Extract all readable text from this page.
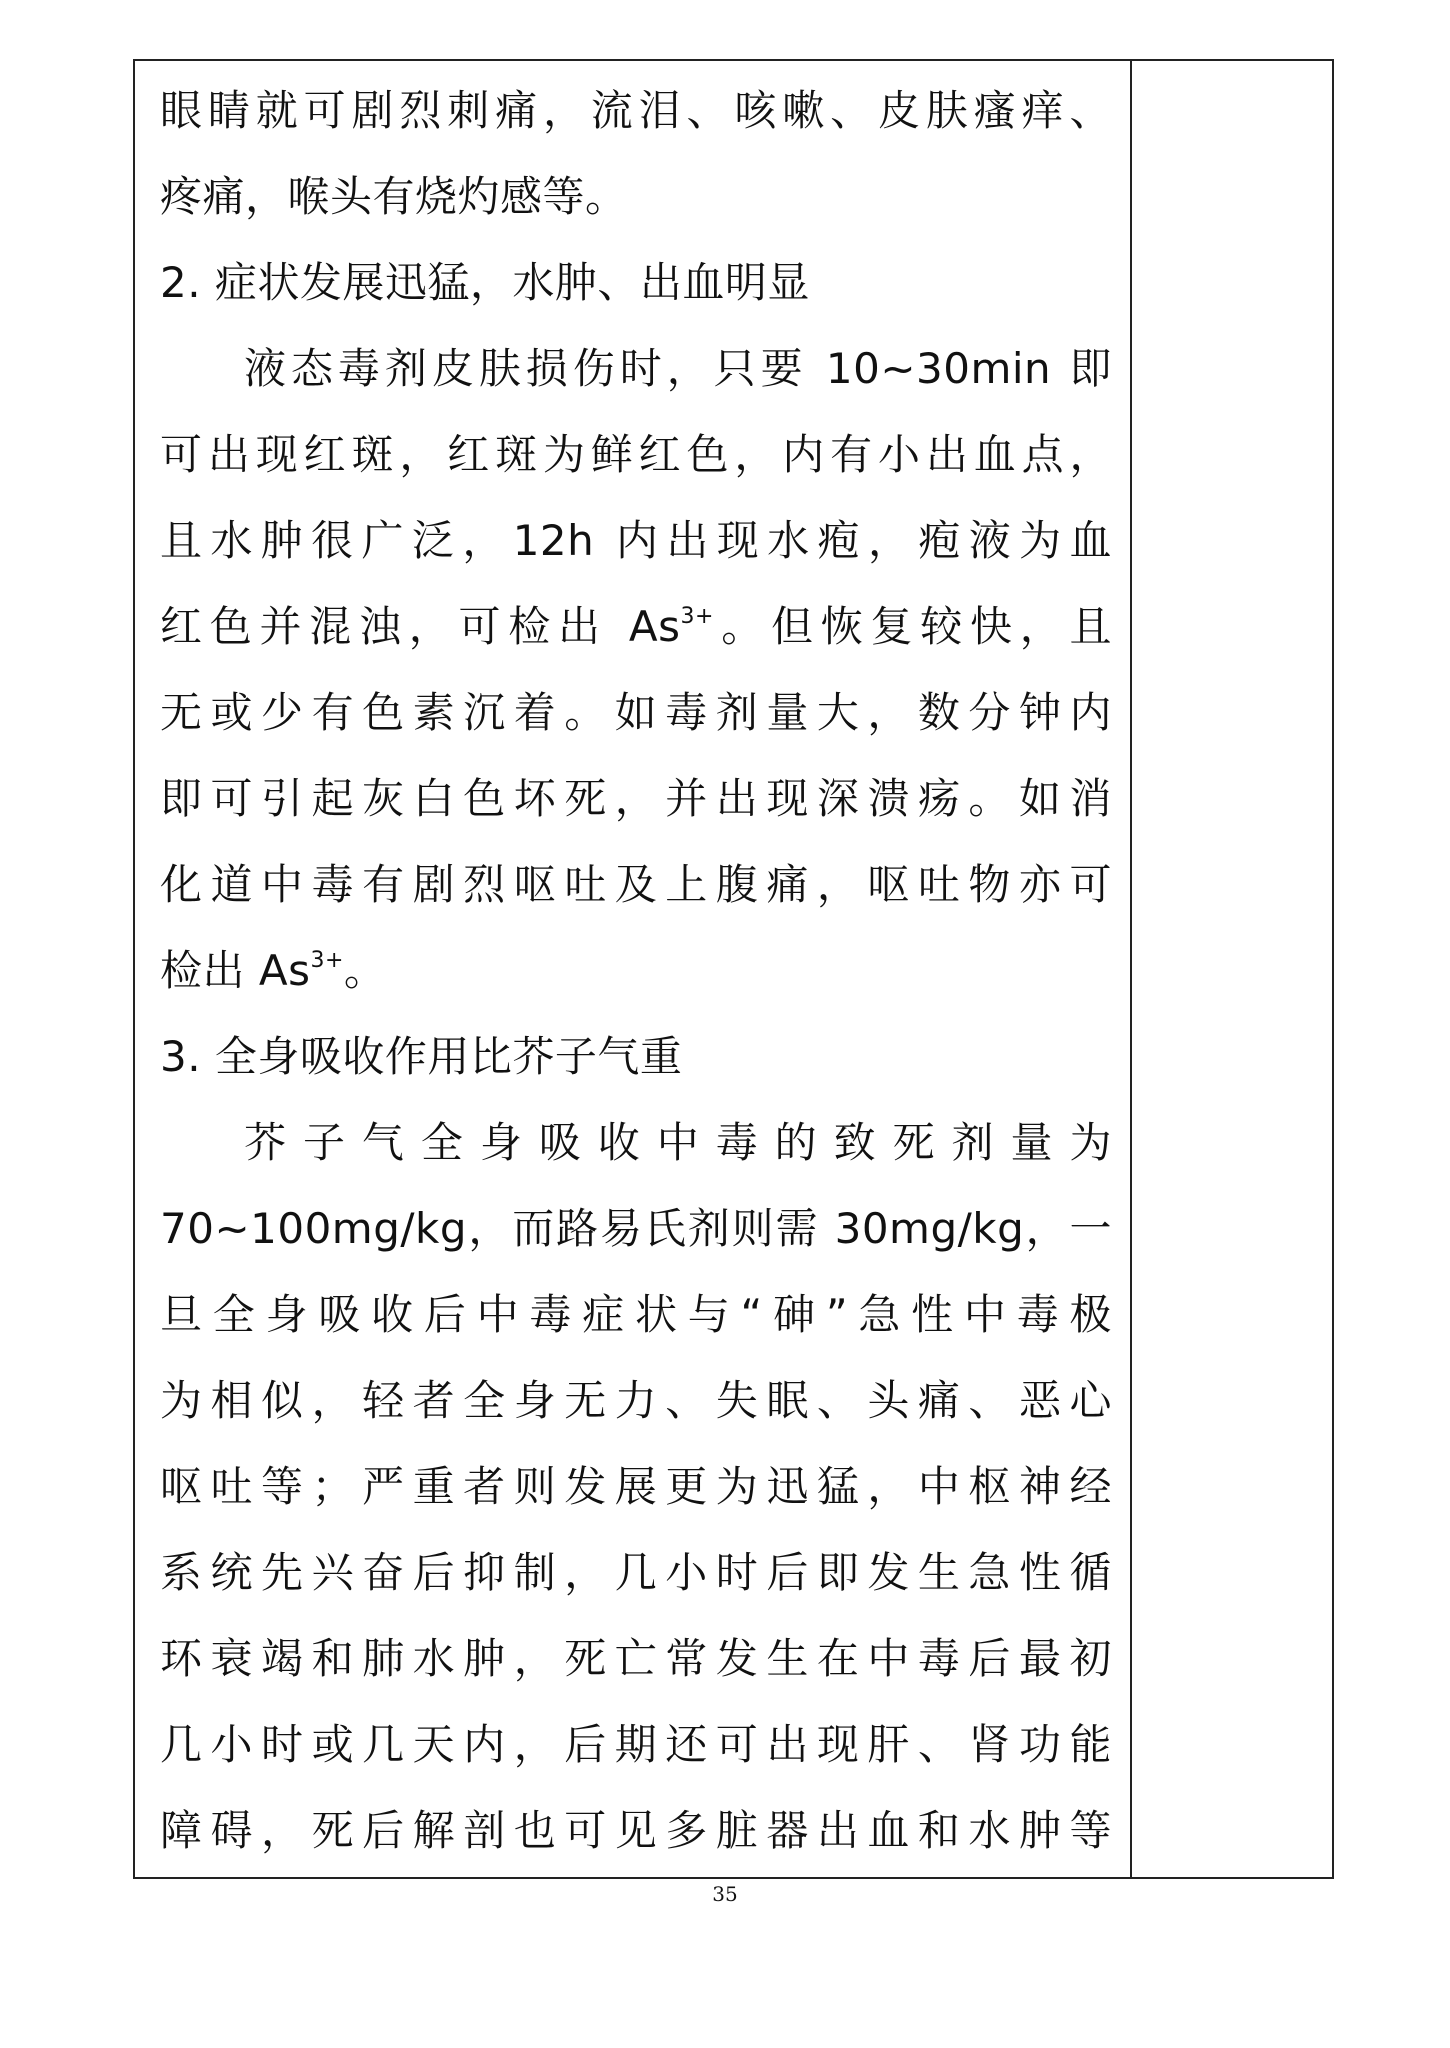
眼睛就可剧烈刺痛，流泪、咳嗽、皮肤瘙痒、
疼痛，喉头有烧灼感等。
2. 症状发展迅猛，水肿、出血明显
液态毒剂皮肤损伤时，只要 10~30min 即
可出现红斑，红斑为鲜红色，内有小出血点，
且水肿很广泛，12h 内出现水疱，疱液为血
红色并混浊，可检出 $As^{3+}$。但恢复较快，且
无或少有色素沉着。如毒剂量大，数分钟内
即可引起灰白色坏死，并出现深溃疡。如消
化道中毒有剧烈呕吐及上腹痛，呕吐物亦可
检出 $As^{3+}$。
3. 全身吸收作用比芥子气重
芥子气全身吸收中毒的致死剂量为
70~100mg/kg，而路易氏剂则需 30mg/kg，一
旦全身吸收后中毒症状与“砷”急性中毒极
为相似，轻者全身无力、失眠、头痛、恶心
呕吐等；严重者则发展更为迅猛，中枢神经
系统先兴奋后抑制，几小时后即发生急性循
环衰竭和肺水肿，死亡常发生在中毒后最初
几小时或几天内，后期还可出现肝、肾功能
障碍，死后解剖也可见多脏器出血和水肿等
35
